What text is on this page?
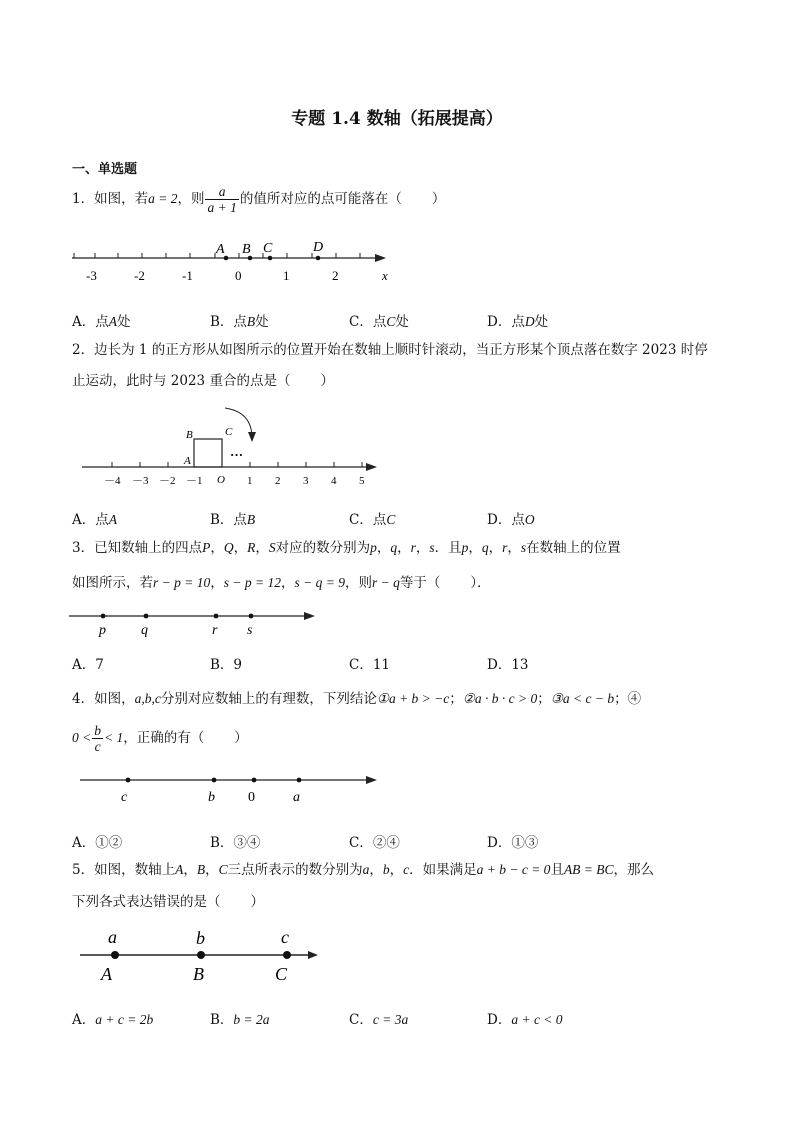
专题 1.4 数轴（拓展提高）
一、单选题
1．如图，若a = 2，则 $\frac{a}{a + 1}$ 的值所对应的点可能落在（ ）
-3	-2	-1	0	1	2	x
A B C	D
A．点A处	B．点B处	C．点C处	D．点D处
2．边长为 1 的正方形从如图所示的位置开始在数轴上顺时针滚动，当正方形某个顶点落在数字 2023 时停
止运动，此时与 2023 重合的点是（ ）
A
B	C
…
－4 －3 －2 －1 O 1 2 3 4 5
A．点A	B．点B	C．点C	D．点O
3．已知数轴上的四点P，Q，R，S对应的数分别为p，q，r，s．且p，q，r，s在数轴上的位置
如图所示，若r − p = 10，s − p = 12，s − q = 9，则r − q等于（ ）．
p	q	r s
A．7	B．9	C．11	D．13
4．如图，a,b,c分别对应数轴上的有理数，下列结论①a + b > −c；②a · b · c > 0；③a < c − b；④
$0 < \frac{b}{c} < 1$，正确的有（ ）
c	b 0	a
A．①②	B．③④	C．②④	D．①③
5．如图，数轴上A，B，C三点所表示的数分别为a，b，c．如果满足a + b − c = 0且AB = BC，那么
下列各式表达错误的是（ ）
a	b	c
A	B	C
A．a + c = 2b	B．b = 2a	C．c = 3a	D．a + c < 0
